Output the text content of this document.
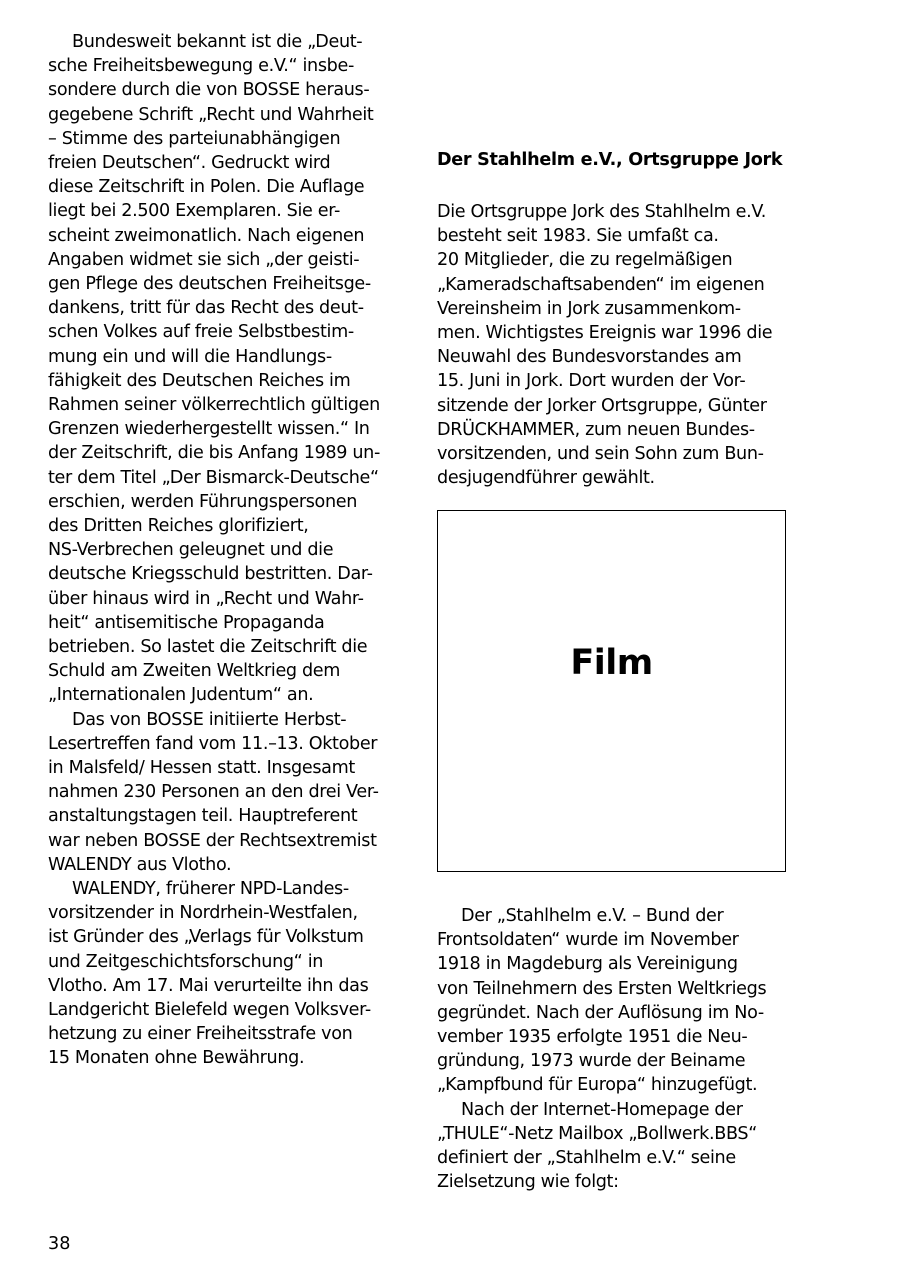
Bundesweit bekannt ist die „Deut-
sche Freiheitsbewegung e.V.“ insbe-
sondere durch die von BOSSE heraus-
gegebene Schrift „Recht und Wahrheit
– Stimme des parteiunabhängigen
freien Deutschen“. Gedruckt wird
diese Zeitschrift in Polen. Die Auflage
liegt bei 2.500 Exemplaren. Sie er-
scheint zweimonatlich. Nach eigenen
Angaben widmet sie sich „der geisti-
gen Pflege des deutschen Freiheitsge-
dankens, tritt für das Recht des deut-
schen Volkes auf freie Selbstbestim-
mung ein und will die Handlungs-
fähigkeit des Deutschen Reiches im
Rahmen seiner völkerrechtlich gültigen
Grenzen wiederhergestellt wissen.“ In
der Zeitschrift, die bis Anfang 1989 un-
ter dem Titel „Der Bismarck-Deutsche“
erschien, werden Führungspersonen
des Dritten Reiches glorifiziert,
NS-Verbrechen geleugnet und die
deutsche Kriegsschuld bestritten. Dar-
über hinaus wird in „Recht und Wahr-
heit“ antisemitische Propaganda
betrieben. So lastet die Zeitschrift die
Schuld am Zweiten Weltkrieg dem
„Internationalen Judentum“ an.
Das von BOSSE initiierte Herbst-
Lesertreffen fand vom 11.–13. Oktober
in Malsfeld/ Hessen statt. Insgesamt
nahmen 230 Personen an den drei Ver-
anstaltungstagen teil. Hauptreferent
war neben BOSSE der Rechtsextremist
WALENDY aus Vlotho.
WALENDY, früherer NPD-Landes-
vorsitzender in Nordrhein-Westfalen,
ist Gründer des „Verlags für Volkstum
und Zeitgeschichtsforschung“ in
Vlotho. Am 17. Mai verurteilte ihn das
Landgericht Bielefeld wegen Volksver-
hetzung zu einer Freiheitsstrafe von
15 Monaten ohne Bewährung.
Der Stahlhelm e.V., Ortsgruppe Jork
Die Ortsgruppe Jork des Stahlhelm e.V.
besteht seit 1983. Sie umfaßt ca.
20 Mitglieder, die zu regelmäßigen
„Kameradschaftsabenden“ im eigenen
Vereinsheim in Jork zusammenkom-
men. Wichtigstes Ereignis war 1996 die
Neuwahl des Bundesvorstandes am
15. Juni in Jork. Dort wurden der Vor-
sitzende der Jorker Ortsgruppe, Günter
DRÜCKHAMMER, zum neuen Bundes-
vorsitzenden, und sein Sohn zum Bun-
desjugendführer gewählt.
Film
Der „Stahlhelm e.V. – Bund der
Frontsoldaten“ wurde im November
1918 in Magdeburg als Vereinigung
von Teilnehmern des Ersten Weltkriegs
gegründet. Nach der Auflösung im No-
vember 1935 erfolgte 1951 die Neu-
gründung, 1973 wurde der Beiname
„Kampfbund für Europa“ hinzugefügt.
Nach der Internet-Homepage der
„THULE“-Netz Mailbox „Bollwerk.BBS“
definiert der „Stahlhelm e.V.“ seine
Zielsetzung wie folgt:
38
